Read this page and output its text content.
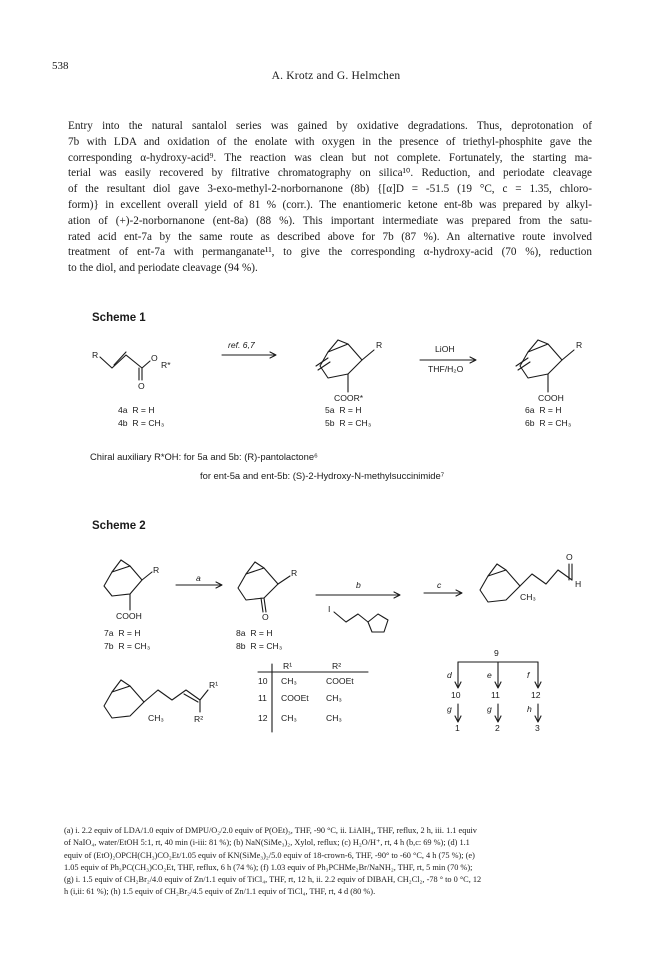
538
A. Krotz and G. Helmchen
Entry into the natural santalol series was gained by oxidative degradations. Thus, deprotonation of
7b with LDA and oxidation of the enolate with oxygen in the presence of triethyl-phosphite gave the
corresponding α-hydroxy-acid⁹. The reaction was clean but not complete. Fortunately, the starting ma-
terial was easily recovered by filtrative chromatography on silica¹⁰. Reduction, and periodate cleavage
of the resultant diol gave 3-exo-methyl-2-norbornanone (8b) {[α]D = -51.5 (19 °C, c = 1.35, chloro-
form)} in excellent overall yield of 81 % (corr.). The enantiomeric ketone ent-8b was prepared by alkyl-
ation of (+)-2-norbornanone (ent-8a) (88 %). This important intermediate was prepared from the satu-
rated acid ent-7a by the same route as described above for 7b (87 %). An alternative route involved
treatment of ent-7a with permanganate¹¹, to give the corresponding α-hydroxy-acid (70 %), reduction
to the diol, and periodate cleavage (94 %).
Scheme 1
R	O
R*
O
ref. 6,7	R
COOR*
LiOH
THF/H₂O
R
COOH
4a  R = H
4b  R = CH₃
5a  R = H
5b  R = CH₃
6a  R = H
6b  R = CH₃
Chiral auxiliary R*OH: for 5a and 5b: (R)-pantolactone⁶
for ent-5a and ent-5b: (S)-2-Hydroxy-N-methylsuccinimide⁷
Scheme 2
R
COOH
a	R
O
b
I
c
O
H
CH₃
7a  R = H
7b  R = CH₃
8a  R = H
8b  R = CH₃
R¹
R²
CH₃
R¹	R²
10 CH₃	COOEt
11 COOEt CH₃
12 CH₃	CH₃
9
d	e	f
10	11	12
g	g	h
1	2	3
(a) i. 2.2 equiv of LDA/1.0 equiv of DMPU/O₂/2.0 equiv of P(OEt)₃, THF, -90 °C, ii. LiAlH₄, THF, reflux, 2 h, iii. 1.1 equiv
of NaIO₄, water/EtOH 5:1, rt, 40 min (i-iii: 81 %); (b) NaN(SiMe₃)₂, Xylol, reflux; (c) H₂O/H⁺, rt, 4 h (b,c: 69 %); (d) 1.1
equiv of (EtO)₂OPCH(CH₃)CO₂Et/1.05 equiv of KN(SiMe₃)₂/5.0 equiv of 18-crown-6, THF, -90° to -60 °C, 4 h (75 %); (e)
1.05 equiv of Ph₃PC(CH₃)CO₂Et, THF, reflux, 6 h (74 %); (f) 1.03 equiv of Ph₃PCHMe₂Br/NaNH₂, THF, rt, 5 min (70 %);
(g) i. 1.5 equiv of CH₂Br₂/4.0 equiv of Zn/1.1 equiv of TiCl₄, THF, rt, 12 h, ii. 2.2 equiv of DIBAH, CH₂Cl₂, -78 ° to 0 °C, 12
h (i,ii: 61 %); (h) 1.5 equiv of CH₂Br₂/4.5 equiv of Zn/1.1 equiv of TiCl₄, THF, rt, 4 d (80 %).
